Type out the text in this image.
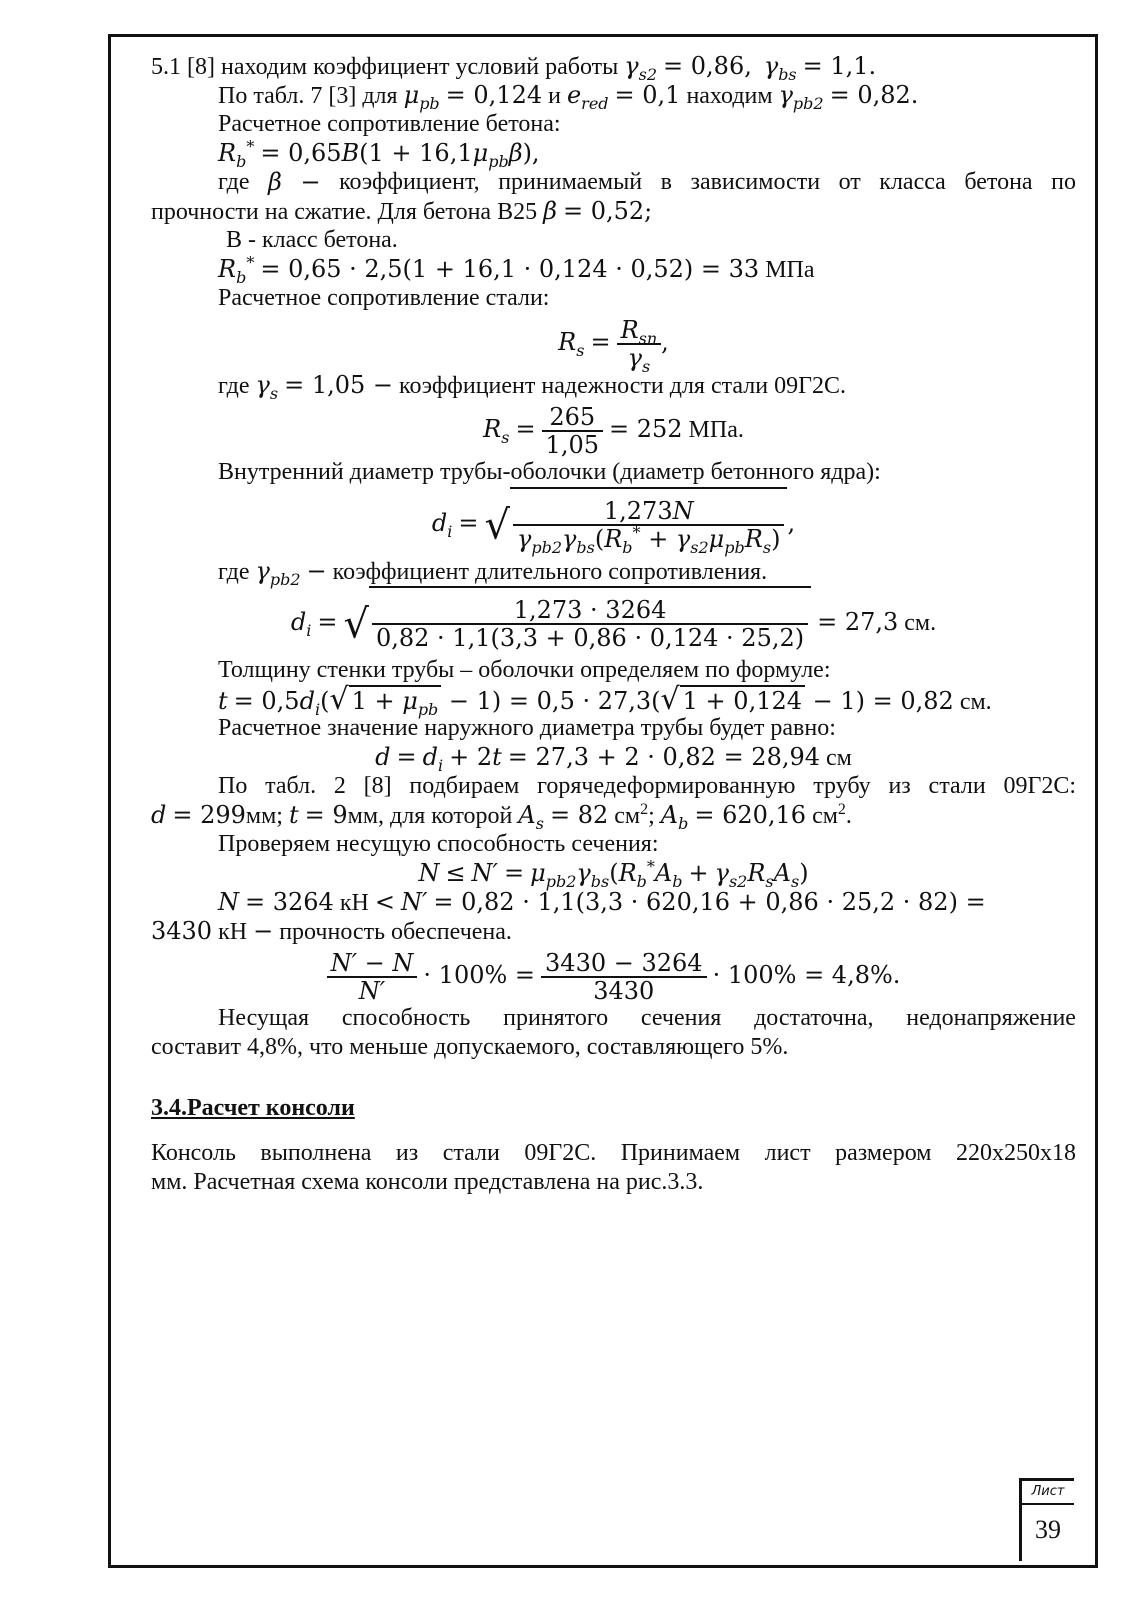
5.1 [8] находим коэффициент условий работы $\gamma_{s2} = 0,86$, $\gamma_{bs} = 1,1$.
По табл. 7 [3] для $\mu_{pb} = 0,124$ и $e_{red} = 0,1$ находим $\gamma_{pb2} = 0,82$.
Расчетное сопротивление бетона:
$R_b^* = 0,65B(1 + 16,1\mu_{pb}\beta)$,
где β − коэффициент, принимаемый в зависимости от класса бетона по
прочности на сжатие. Для бетона В25 β = 0,52;
В - класс бетона.
$R_b^* = 0,65 \cdot 2,5(1 + 16,1 \cdot 0,124 \cdot 0,52) = 33$ МПа
Расчетное сопротивление стали:
$R_s = \frac{R_{sn}}{\gamma_s}$ ,
где $\gamma_s = 1,05$ − коэффициент надежности для стали 09Г2С.
$R_s = \frac{265}{1,05} = 252$ МПа.
Внутренний диаметр трубы-оболочки (диаметр бетонного ядра):
$d_i$ = √ $\frac{1,273N}{\gamma_{pb2}\gamma_{bs}(R_b^* + \gamma_{s2}\mu_{pb}R_s)}$ ,
где $\gamma_{pb2}$ − коэффициент длительного сопротивления.
$d_i$ = √ $\frac{1,273 \cdot 3264}{0,82 \cdot 1,1(3,3 + 0,86 \cdot 0,124 \cdot 25,2)} = 27,3$ см.
Толщину стенки трубы – оболочки определяем по формуле:
$t = 0,5d_i(√$ $1 + \mu_{pb} - 1) = 0,5 \cdot 27,3(√$ 1 + 0,124 − 1) = 0,82 см.
Расчетное значение наружного диаметра трубы будет равно:
$d = d_i + 2t = 27,3 + 2 \cdot 0,82 = 28,94$ см
По табл. 2 [8] подбираем горячедеформированную трубу из стали 09Г2С:
d = 299мм; t = 9мм, для которой $A_s = 82$ $см^2$; $A_b = 620,16$ $см^2$.
Проверяем несущую способность сечения:
$N \le N' = \mu_{pb2}\gamma_{bs}(R_b^*A_b + \gamma_{s2}R_sA_s)$
N = 3264 кН < N′ = 0,82 · 1,1(3,3 · 620,16 + 0,86 · 25,2 · 82) =
3430 кН − прочность обеспечена.
$\frac{N' - N}{N'} \cdot 100\% = \frac{3430 - 3264}{3430} \cdot 100\% = 4,8\%$.
Несущая способность принятого сечения достаточна, недонапряжение
составит 4,8%, что меньше допускаемого, составляющего 5%.
3.4.Расчет консоли
Консоль выполнена из стали 09Г2С. Принимаем лист размером 220х250х18
мм. Расчетная схема консоли представлена на рис.3.3.
Лист
39
